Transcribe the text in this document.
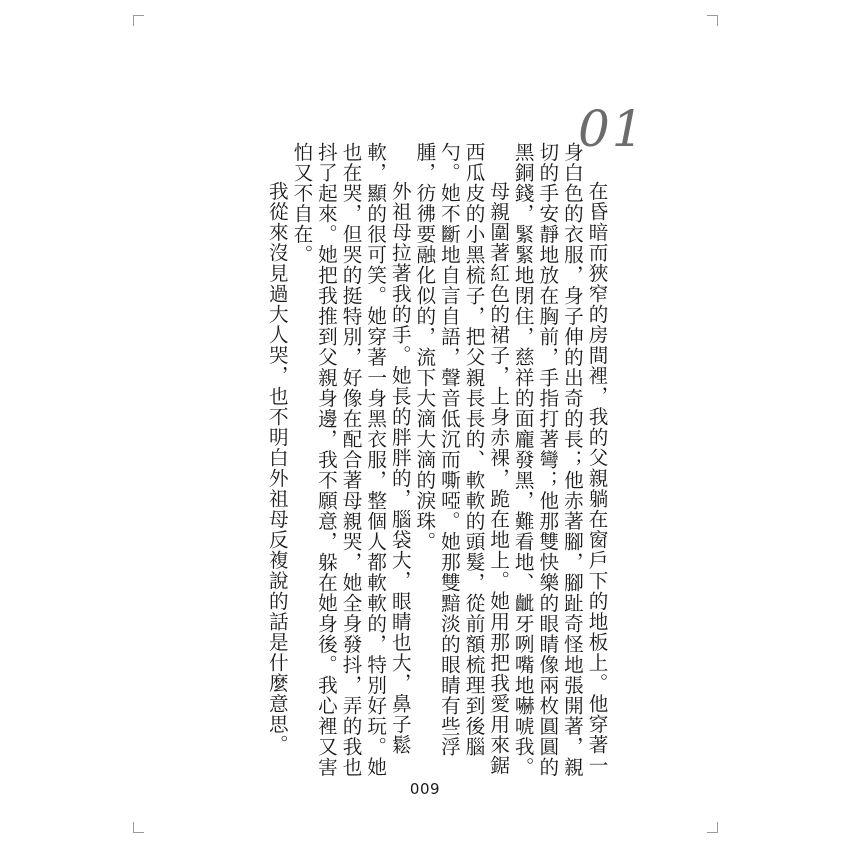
01

在昏暗而狹窄的房間裡，我的父親躺在窗戶下的地板上。他穿著一身白色的衣服，身子伸的出奇的長；他赤著腳，腳趾奇怪地張開著，親切的手安靜地放在胸前，手指打著彎；他那雙快樂的眼睛像兩枚圓圓的黑銅錢，緊緊地閉住，慈祥的面龐發黑，難看地、齜牙咧嘴地嚇唬我。

母親圍著紅色的裙子，上身赤裸，跪在地上。她用那把我愛用來鋸西瓜皮的小黑梳子，把父親長長的、軟軟的頭髮，從前額梳理到後腦勺。她不斷地自言自語，聲音低沉而嘶啞。她那雙黯淡的眼睛有些浮腫，彷彿要融化似的，流下大滴大滴的淚珠。

外祖母拉著我的手。她長的胖胖的，腦袋大，眼睛也大，鼻子鬆軟，顯的很可笑。她穿著一身黑衣服，整個人都軟軟的，特別好玩。她也在哭，但哭的挺特別，好像在配合著母親哭，她全身發抖，弄的我也抖了起來。她把我推到父親身邊，我不願意，躲在她身後。我心裡又害怕又不自在。

我從來沒見過大人哭，也不明白外祖母反複說的話是什麼意思。

009
